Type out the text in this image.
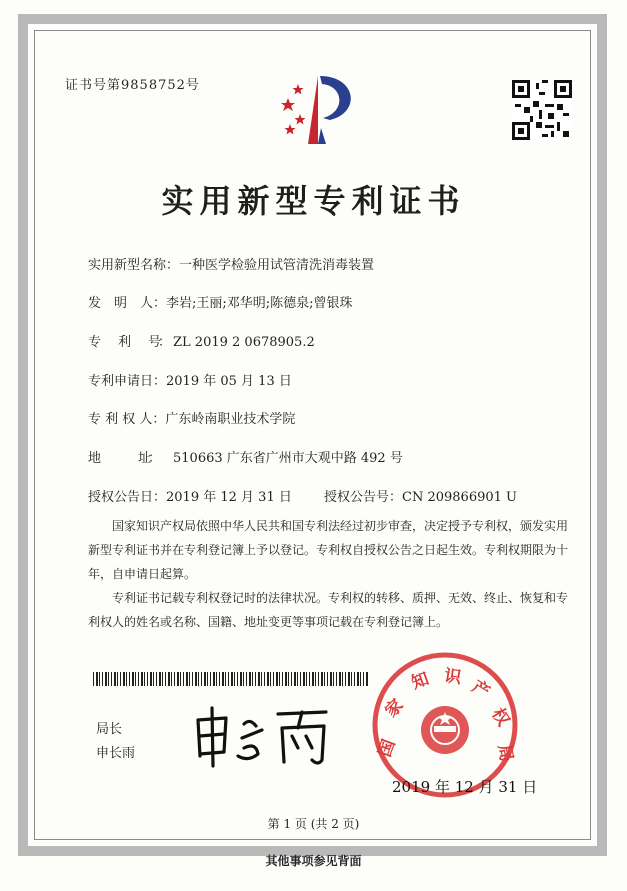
证书号第9858752号
实用新型专利证书
实用新型名称：一种医学检验用试管清洗消毒装置
发　明　人：李岩;王丽;邓华明;陈德泉;曾银珠
专　　利　　号： ZL 2019 2 0678905.2
专利申请日：2019 年 05 月 13 日
专 利 权 人：广东岭南职业技术学院
地　　　　址： 510663 广东省广州市大观中路 492 号
授权公告日：2019 年 12 月 31 日 授权公告号：CN 209866901 U
国家知识产权局依照中华人民共和国专利法经过初步审查，决定授予专利权，颁发实用新型专利证书并在专利登记簿上予以登记。专利权自授权公告之日起生效。专利权期限为十年，自申请日起算。
专利证书记载专利权登记时的法律状况。专利权的转移、质押、无效、终止、恢复和专利权人的姓名或名称、国籍、地址变更等事项记载在专利登记簿上。
局长
申长雨	国
家
知 识 产
权
局
2019 年 12 月 31 日
第 1 页 (共 2 页)
其他事项参见背面
